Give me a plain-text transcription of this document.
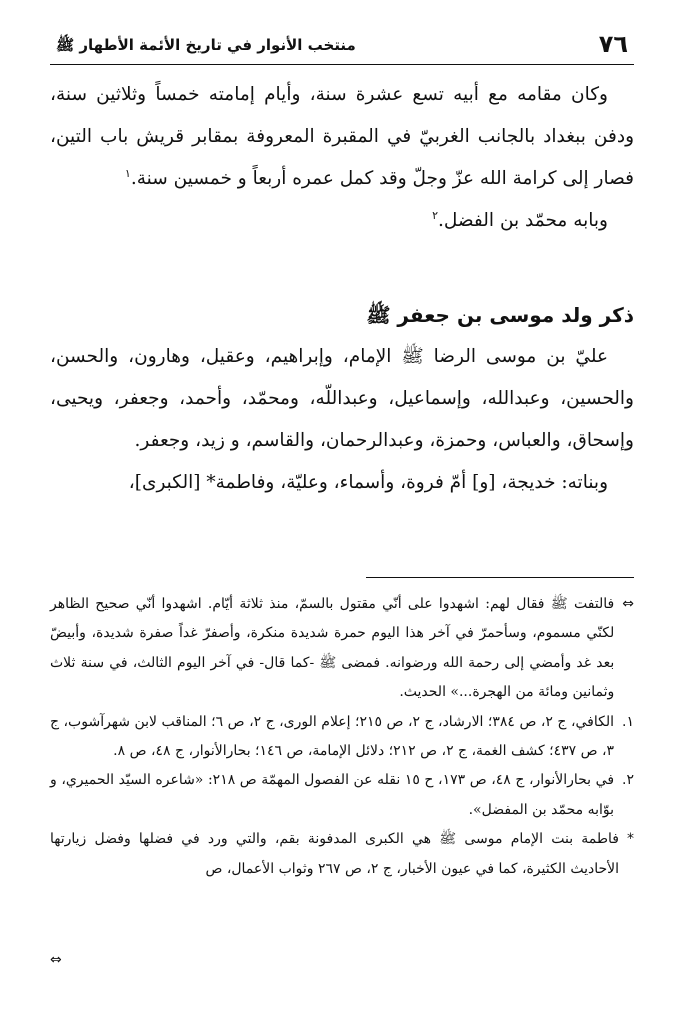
٧٦
منتخب الأنوار في تاريخ الأئمة الأطهار ﷺ

وكان مقامه مع أبيه تسع عشرة سنة، وأيام إمامته خمساً وثلاثين سنة، ودفن ببغداد بالجانب الغربيّ في المقبرة المعروفة بمقابر قريش باب التين، فصار إلى كرامة الله عزّ وجلّ وقد كمل عمره أربعاً و خمسين سنة.$^١$

وبابه محمّد بن الفضل.$^٢$

ذكر ولد موسى بن جعفر ﷺ

عليّ بن موسى الرضا ﷺ الإمام، وإبراهيم، وعقيل، وهارون، والحسن، والحسين، وعبدالله، وإسماعيل، وعبداللّه، ومحمّد، وأحمد، وجعفر، ويحيى، وإسحاق، والعباس، وحمزة، وعبدالرحمان، والقاسم، و زيد، وجعفر.

وبناته: خديجة، [و] أمّ فروة، وأسماء، وعليّة، وفاطمة* [الكبرى]،

⇔
فالتفت ﷺ فقال لهم: اشهدوا على أنّي مقتول بالسمّ، منذ ثلاثة أيّام. اشهدوا أنّي صحيح الظاهر لكنّي مسموم، وسأحمرّ في آخر هذا اليوم حمرة شديدة منكرة، وأصفرّ غداً صفرة شديدة، وأبيضّ بعد غد وأمضي إلى رحمة الله ورضوانه. فمضى ﷺ -كما قال- في آخر اليوم الثالث، في سنة ثلاث وثمانين ومائة من الهجرة...» الحديث.
١.
الكافي، ج ٢، ص ٣٨٤؛ الارشاد، ج ٢، ص ٢١٥؛ إعلام الورى، ج ٢، ص ٦؛ المناقب لابن شهرآشوب، ج ٣، ص ٤٣٧؛ كشف الغمة، ج ٢، ص ٢١٢؛ دلائل الإمامة، ص ١٤٦؛ بحارالأنوار، ج ٤٨، ص ٨.
٢.
في بحارالأنوار، ج ٤٨، ص ١٧٣، ح ١٥ نقله عن الفصول المهمّة ص ٢١٨: «شاعره السيّد الحميري، و بوّابه محمّد بن المفضل».
*
فاطمة بنت الإمام موسى ﷺ هي الكبرى المدفونة بقم، والتي ورد في فضلها وفضل زيارتها الأحاديث الكثيرة، كما في عيون الأخبار، ج ٢، ص ٢٦٧ وثواب الأعمال، ص
⇔
